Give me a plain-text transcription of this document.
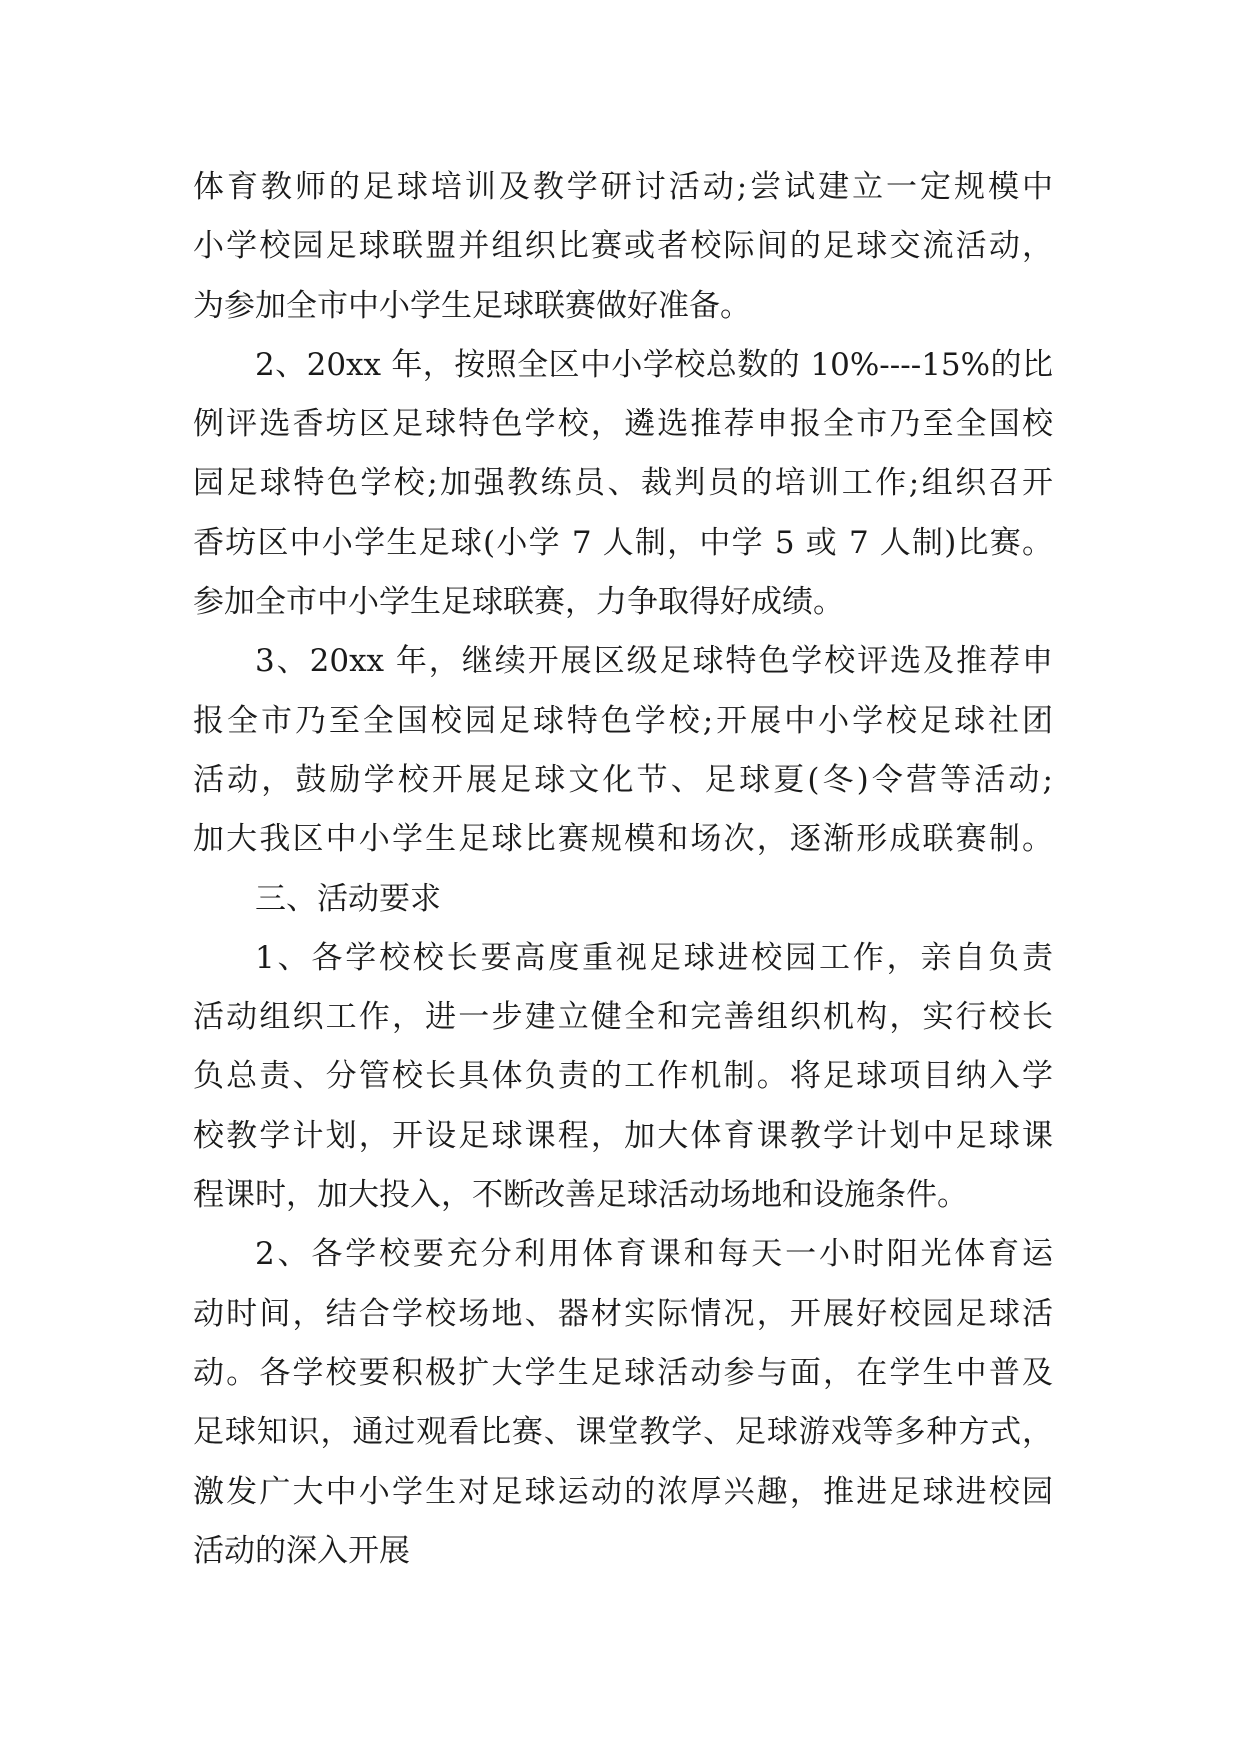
体育教师的足球培训及教学研讨活动;尝试建立一定规模中
小学校园足球联盟并组织比赛或者校际间的足球交流活动，
为参加全市中小学生足球联赛做好准备。
2、20xx 年，按照全区中小学校总数的 10%----15%的比
例评选香坊区足球特色学校，遴选推荐申报全市乃至全国校
园足球特色学校;加强教练员、裁判员的培训工作;组织召开
香坊区中小学生足球(小学 7 人制，中学 5 或 7 人制)比赛。
参加全市中小学生足球联赛，力争取得好成绩。
3、20xx 年，继续开展区级足球特色学校评选及推荐申
报全市乃至全国校园足球特色学校;开展中小学校足球社团
活动，鼓励学校开展足球文化节、足球夏(冬)令营等活动;
加大我区中小学生足球比赛规模和场次，逐渐形成联赛制。
三、活动要求
1、各学校校长要高度重视足球进校园工作，亲自负责
活动组织工作，进一步建立健全和完善组织机构，实行校长
负总责、分管校长具体负责的工作机制。将足球项目纳入学
校教学计划，开设足球课程，加大体育课教学计划中足球课
程课时，加大投入，不断改善足球活动场地和设施条件。
2、各学校要充分利用体育课和每天一小时阳光体育运
动时间，结合学校场地、器材实际情况，开展好校园足球活
动。各学校要积极扩大学生足球活动参与面，在学生中普及
足球知识，通过观看比赛、课堂教学、足球游戏等多种方式，
激发广大中小学生对足球运动的浓厚兴趣，推进足球进校园
活动的深入开展
